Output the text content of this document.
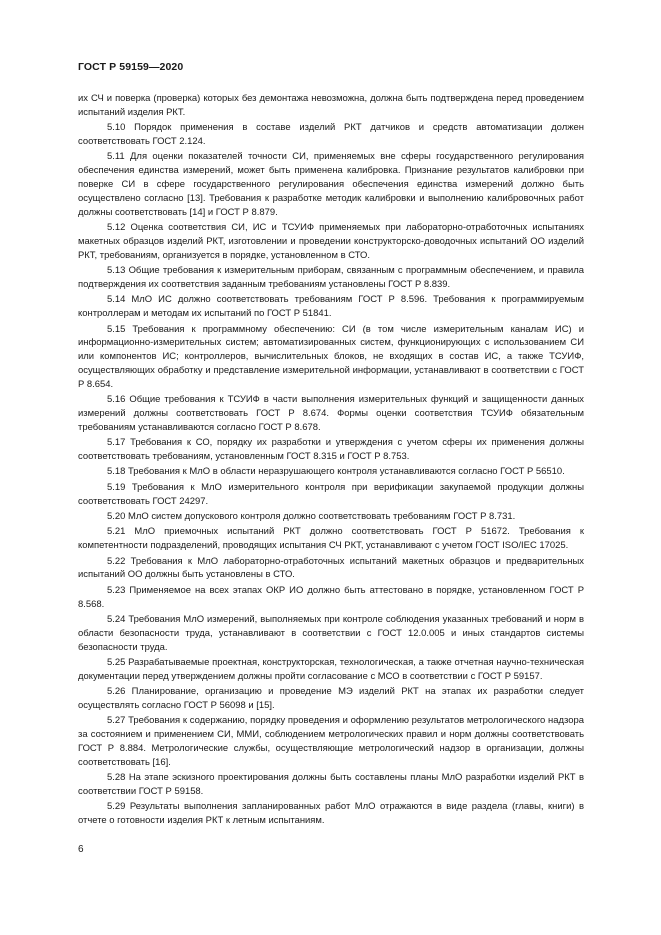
ГОСТ Р 59159—2020

их СЧ и поверка (проверка) которых без демонтажа невозможна, должна быть подтверждена перед проведением испытаний изделия РКТ.

5.10 Порядок применения в составе изделий РКТ датчиков и средств автоматизации должен соответствовать ГОСТ 2.124.

5.11 Для оценки показателей точности СИ, применяемых вне сферы государственного регулирования обеспечения единства измерений, может быть применена калибровка. Признание результатов калибровки при поверке СИ в сфере государственного регулирования обеспечения единства измерений должно быть осуществлено согласно [13]. Требования к разработке методик калибровки и выполнению калибровочных работ должны соответствовать [14] и ГОСТ Р 8.879.

5.12 Оценка соответствия СИ, ИС и ТСУИФ применяемых при лабораторно-отработочных испытаниях макетных образцов изделий РКТ, изготовлении и проведении конструкторско-доводочных испытаний ОО изделий РКТ, требованиям, организуется в порядке, установленном в СТО.

5.13 Общие требования к измерительным приборам, связанным с программным обеспечением, и правила подтверждения их соответствия заданным требованиям установлены ГОСТ Р 8.839.

5.14 МлО ИС должно соответствовать требованиям ГОСТ Р 8.596. Требования к программируемым контроллерам и методам их испытаний по ГОСТ Р 51841.

5.15 Требования к программному обеспечению: СИ (в том числе измерительным каналам ИС) и информационно-измерительных систем; автоматизированных систем, функционирующих с использованием СИ или компонентов ИС; контроллеров, вычислительных блоков, не входящих в состав ИС, а также ТСУИФ, осуществляющих обработку и представление измерительной информации, устанавливают в соответствии с ГОСТ Р 8.654.

5.16 Общие требования к ТСУИФ в части выполнения измерительных функций и защищенности данных измерений должны соответствовать ГОСТ Р 8.674. Формы оценки соответствия ТСУИФ обязательным требованиям устанавливаются согласно ГОСТ Р 8.678.

5.17 Требования к СО, порядку их разработки и утверждения с учетом сферы их применения должны соответствовать требованиям, установленным ГОСТ 8.315 и ГОСТ Р 8.753.

5.18 Требования к МлО в области неразрушающего контроля устанавливаются согласно ГОСТ Р 56510.

5.19 Требования к МлО измерительного контроля при верификации закупаемой продукции должны соответствовать ГОСТ 24297.

5.20 МлО систем допускового контроля должно соответствовать требованиям ГОСТ Р 8.731.

5.21 МлО приемочных испытаний РКТ должно соответствовать ГОСТ Р 51672. Требования к компетентности подразделений, проводящих испытания СЧ РКТ, устанавливают с учетом ГОСТ ISO/IEC 17025.

5.22 Требования к МлО лабораторно-отработочных испытаний макетных образцов и предварительных испытаний ОО должны быть установлены в СТО.

5.23 Применяемое на всех этапах ОКР ИО должно быть аттестовано в порядке, установленном ГОСТ Р 8.568.

5.24 Требования МлО измерений, выполняемых при контроле соблюдения указанных требований и норм в области безопасности труда, устанавливают в соответствии с ГОСТ 12.0.005 и иных стандартов системы безопасности труда.

5.25 Разрабатываемые проектная, конструкторская, технологическая, а также отчетная научно-техническая документации перед утверждением должны пройти согласование с МСО в соответствии с ГОСТ Р 59157.

5.26 Планирование, организацию и проведение МЭ изделий РКТ на этапах их разработки следует осуществлять согласно ГОСТ Р 56098 и [15].

5.27 Требования к содержанию, порядку проведения и оформлению результатов метрологического надзора за состоянием и применением СИ, ММИ, соблюдением метрологических правил и норм должны соответствовать ГОСТ Р 8.884. Метрологические службы, осуществляющие метрологический надзор в организации, должны соответствовать [16].

5.28 На этапе эскизного проектирования должны быть составлены планы МлО разработки изделий РКТ в соответствии ГОСТ Р 59158.

5.29 Результаты выполнения запланированных работ МлО отражаются в виде раздела (главы, книги) в отчете о готовности изделия РКТ к летным испытаниям.

6
